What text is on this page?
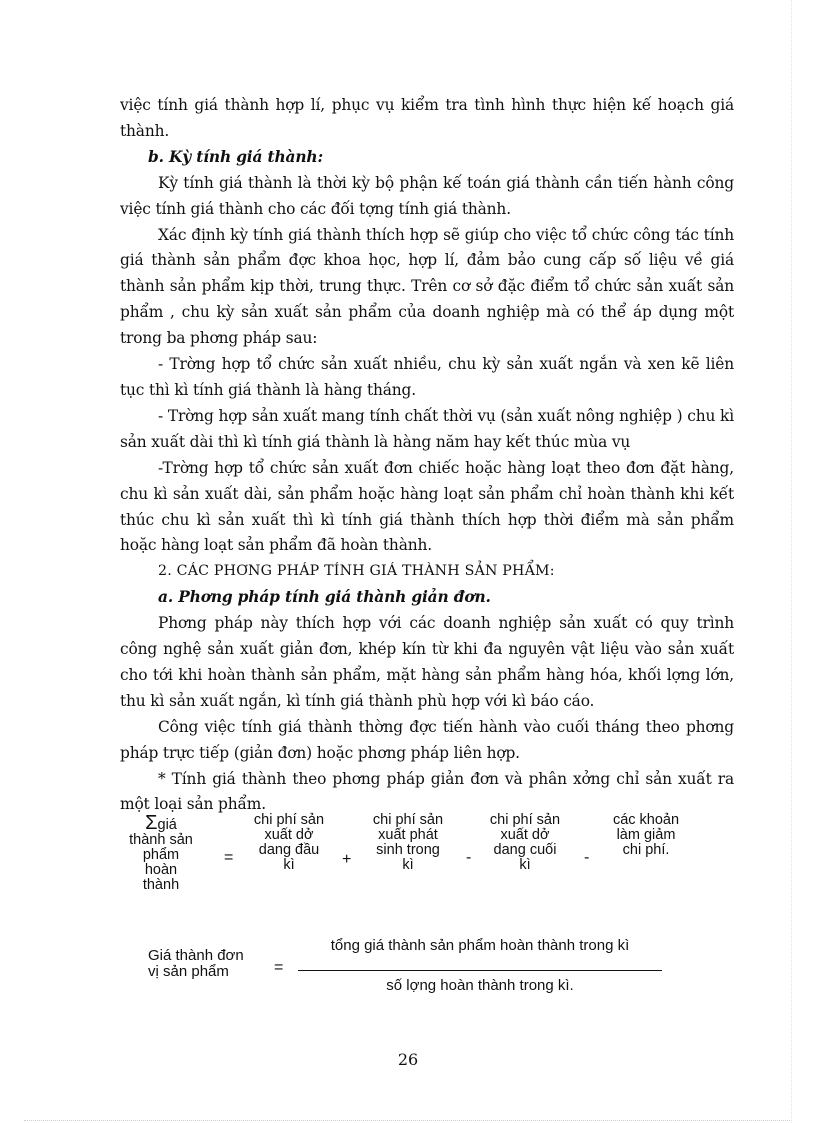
việc tính giá thành hợp lí, phục vụ kiểm tra tình hình thực hiện kế hoạch giá thành.

b. Kỳ tính giá thành:

Kỳ tính giá thành là thời kỳ bộ phận kế toán giá thành cần tiến hành công việc tính giá thành cho các đối tợng tính giá thành.

Xác định kỳ tính giá thành thích hợp sẽ giúp cho việc tổ chức công tác tính giá thành sản phẩm đợc khoa học, hợp lí, đảm bảo cung cấp số liệu về giá thành sản phẩm kịp thời, trung thực. Trên cơ sở đặc điểm tổ chức sản xuất sản phẩm , chu kỳ sản xuất sản phẩm của doanh nghiệp mà có thể áp dụng một trong ba phơng pháp sau:

- Trờng hợp tổ chức sản xuất nhiều, chu kỳ sản xuất ngắn và xen kẽ liên tục thì kì tính giá thành là hàng tháng.

- Trờng hợp sản xuất mang tính chất thời vụ (sản xuất nông nghiệp ) chu kì sản xuất dài thì kì tính giá thành là hàng năm hay kết thúc mùa vụ

-Trờng hợp tổ chức sản xuất đơn chiếc hoặc hàng loạt theo đơn đặt hàng, chu kì sản xuất dài, sản phẩm hoặc hàng loạt sản phẩm chỉ hoàn thành khi kết thúc chu kì sản xuất thì kì tính giá thành thích hợp thời điểm mà sản phẩm hoặc hàng loạt sản phẩm đã hoàn thành.

2. CÁC PHƠNG PHÁP TÍNH GIÁ THÀNH SẢN PHẨM:

a. Phơng pháp tính giá thành giản đơn.

Phơng pháp này thích hợp với các doanh nghiệp sản xuất có quy trình công nghệ sản xuất giản đơn, khép kín từ khi đa nguyên vật liệu vào sản xuất cho tới khi hoàn thành sản phẩm, mặt hàng sản phẩm hàng hóa, khối lợng lớn, thu kì sản xuất ngắn, kì tính giá thành phù hợp với kì báo cáo.

Công việc tính giá thành thờng đợc tiến hành vào cuối tháng theo phơng pháp trực tiếp (giản đơn) hoặc phơng pháp liên hợp.

* Tính giá thành theo phơng pháp giản đơn và phân xởng chỉ sản xuất ra một loại sản phẩm.

Σgiá
thành sản
phẩm hoàn
thành
=
chi phí sản
xuất dở
dang đầu
kì	+
chi phí sản
xuất phát
sinh trong
kì	-
chi phí sản
xuất dở
dang cuối
kì	-
các khoản
làm giảm
chi phí.
Giá thành đơn
vị sản phẩm	=
tổng giá thành sản phẩm hoàn thành trong kì
số lợng hoàn thành trong kì.
26
